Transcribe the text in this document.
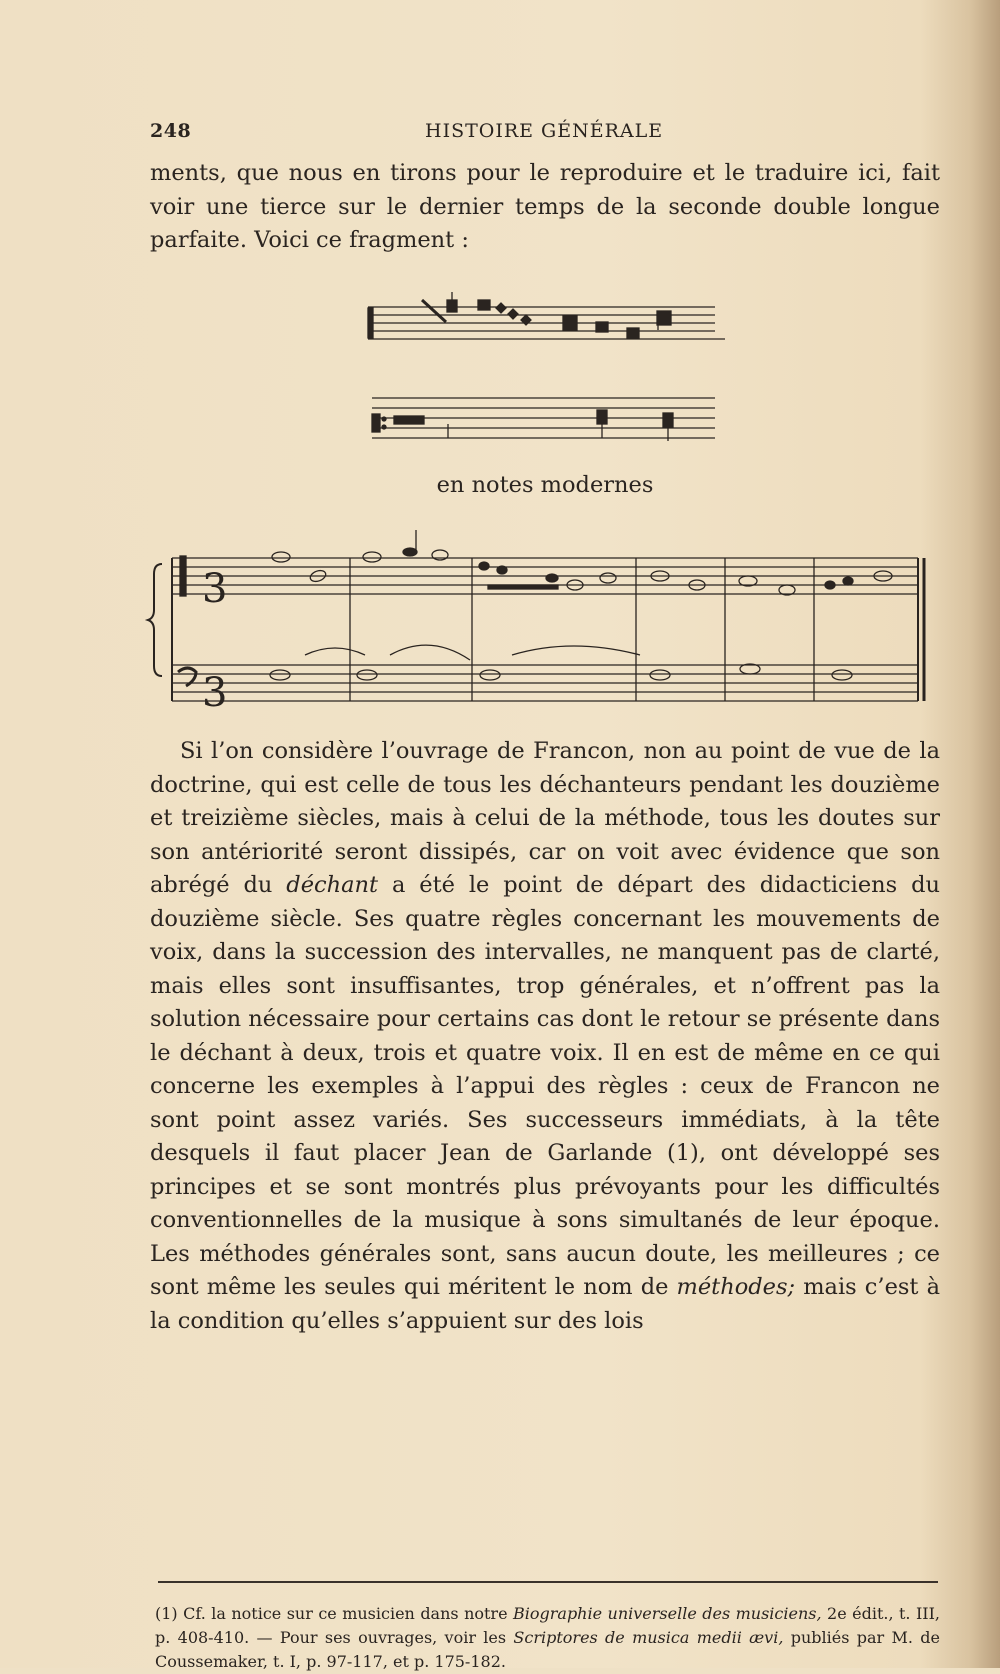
248	HISTOIRE GÉNÉRALE
ments, que nous en tirons pour le reproduire et le traduire ici, fait voir une tierce sur le dernier temps de la seconde double longue parfaite. Voici ce fragment :
3
3
en notes modernes
Si l’on considère l’ouvrage de Francon, non au point de vue de la doctrine, qui est celle de tous les déchanteurs pendant les douzième et treizième siècles, mais à celui de la méthode, tous les doutes sur son antériorité seront dissipés, car on voit avec évidence que son abrégé du déchant a été le point de départ des didacticiens du douzième siècle. Ses quatre règles concernant les mouvements de voix, dans la succession des intervalles, ne manquent pas de clarté, mais elles sont insuffisantes, trop générales, et n’offrent pas la solution nécessaire pour certains cas dont le retour se présente dans le déchant à deux, trois et quatre voix. Il en est de même en ce qui concerne les exemples à l’appui des règles : ceux de Francon ne sont point assez variés. Ses successeurs immédiats, à la tête desquels il faut placer Jean de Garlande (1), ont développé ses principes et se sont montrés plus prévoyants pour les difficultés conventionnelles de la musique à sons simultanés de leur époque. Les méthodes générales sont, sans aucun doute, les meilleures ; ce sont même les seules qui méritent le nom de méthodes; mais c’est à la condition qu’elles s’appuient sur des lois
(1) Cf. la notice sur ce musicien dans notre Biographie universelle des musiciens, 2e édit., t. III, p. 408-410. — Pour ses ouvrages, voir les Scriptores de musica medii ævi, publiés par M. de Coussemaker, t. I, p. 97-117, et p. 175-182.
